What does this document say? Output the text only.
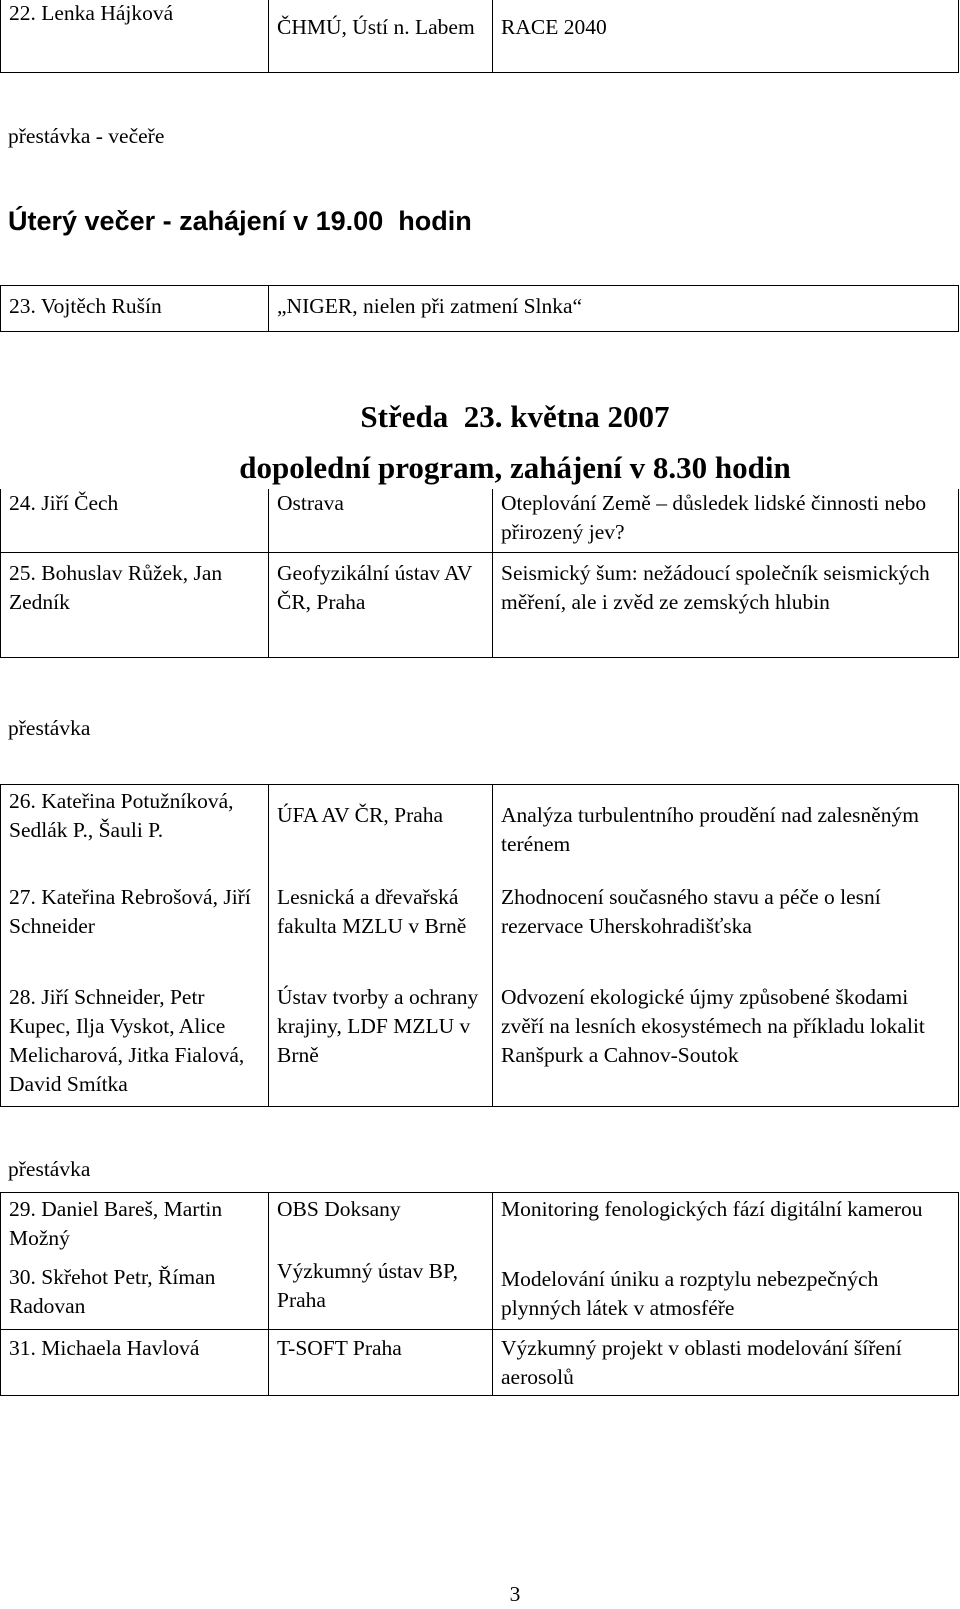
22. Lenka Hájková	ČHMÚ, Ústí n. Labem	RACE 2040
přestávka - večeře
Úterý večer - zahájení v 19.00  hodin
23. Vojtěch Rušín	„NIGER, nielen při zatmení Slnka“
Středa  23. května 2007
dopolední program, zahájení v 8.30 hodin
24. Jiří Čech	Ostrava	Oteplování Země – důsledek lidské činnosti nebo přirozený jev?
25. Bohuslav Růžek, Jan Zedník	Geofyzikální ústav AV ČR, Praha	Seismický šum: nežádoucí společník seismických měření, ale i zvěd ze zemských hlubin
přestávka
26. Kateřina Potužníková, Sedlák P., Šauli P.	ÚFA AV ČR, Praha	Analýza turbulentního proudění nad zalesněným terénem
27. Kateřina Rebrošová, Jiří Schneider	Lesnická a dřevařská fakulta MZLU v Brně	Zhodnocení současného stavu a péče o lesní rezervace Uherskohradišťska
28. Jiří Schneider, Petr Kupec, Ilja Vyskot, Alice Melicharová, Jitka Fialová, David Smítka	Ústav tvorby a ochrany krajiny, LDF MZLU v Brně	Odvození ekologické újmy způsobené škodami zvěří na lesních ekosystémech na příkladu lokalit Ranšpurk a Cahnov-Soutok
přestávka
29. Daniel Bareš, Martin Možný	OBS Doksany	Monitoring fenologických fází digitální kamerou
30. Skřehot Petr, Říman Radovan	Výzkumný ústav BP, Praha	Modelování úniku a rozptylu nebezpečných plynných látek v atmosféře
31. Michaela Havlová	T-SOFT Praha	Výzkumný projekt v oblasti modelování šíření aerosolů
3
